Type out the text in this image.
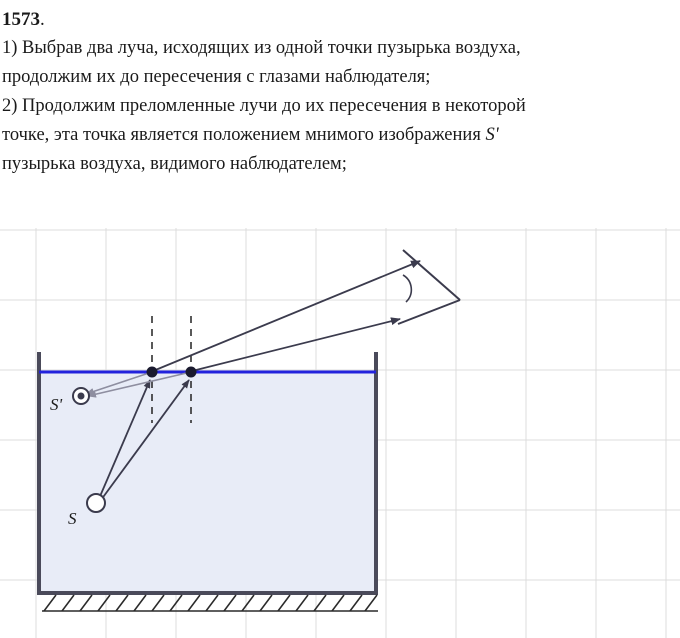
1573.

1) Выбрав два луча, исходящих из одной точки пузырька воздуха,

продолжим их до пересечения с глазами наблюдателя;

2) Продолжим преломленные лучи до их пересечения в некоторой

точке, эта точка является положением мнимого изображения S'

пузырька воздуха, видимого наблюдателем;

S'
S
